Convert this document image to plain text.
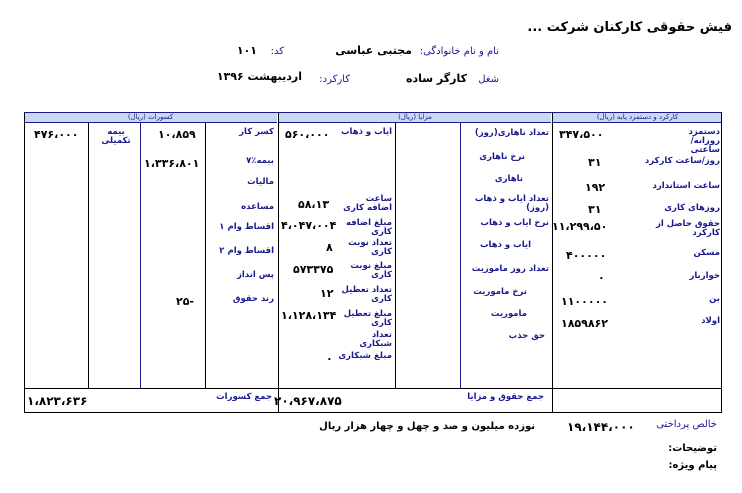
فیش حقوقی کارکنان شرکت ...
نام و نام خانوادگی:
مجتبی عباسی
کد:
۱۰۱
شغل
کارگر ساده
کارکرد:
اردیبهشت ۱۳۹۶
کارکرد و دستمزد پایه (ریال)
مزایا (ریال)
کسورات (ریال)
دستمزد روزانه/ساعتی
۳۴۷،۵۰۰
روز/ساعت کارکرد
۳۱
ساعت استاندارد
۱۹۲
روزهای کاری
۳۱
حقوق حاصل از کارکرد
۱۱،۲۹۹،۵۰
مسکن
۴۰۰۰۰۰
خواربار
۰
بن
۱۱۰۰۰۰۰
اولاد
۱۸۵۹۸۶۲
تعداد ناهاری(روز)
نرخ ناهاری
ناهاری
تعداد ایاب و ذهاب (روز)
نرخ ایاب و ذهاب
ایاب و ذهاب
تعداد روز ماموریت
نرخ ماموریت
ماموریت
حق جذب
ایاب و ذهاب
۵۶۰،۰۰۰
ساعت اضافه کاری
۵۸،۱۳
مبلغ اضافه کاری
۴،۰۴۷،۰۰۴
تعداد نوبت کاری
۸
مبلغ نوبت کاری
۵۷۳۳۷۵
تعداد تعطیل کاری
۱۲
مبلغ تعطیل کاری
۱،۱۲۸،۱۳۴
تعداد شبکاری
مبلغ شبکاری
۰
کسر کار
۱۰،۸۵۹
بیمه٪۷
۱،۳۳۶،۸۰۱
مالیات
مساعده
اقساط وام ۱
اقساط وام ۲
پس انداز
رند حقوق
۲۵-
بیمه تکمیلی
۴۷۶،۰۰۰
جمع حقوق و مزایا
۲۰،۹۶۷،۸۷۵
جمع کسورات
۱،۸۲۳،۶۳۶
خالص پرداختی
۱۹،۱۴۴،۰۰۰
نوزده میلیون و صد و چهل و چهار هزار ریال
توضیحات:
پیام ویژه:
